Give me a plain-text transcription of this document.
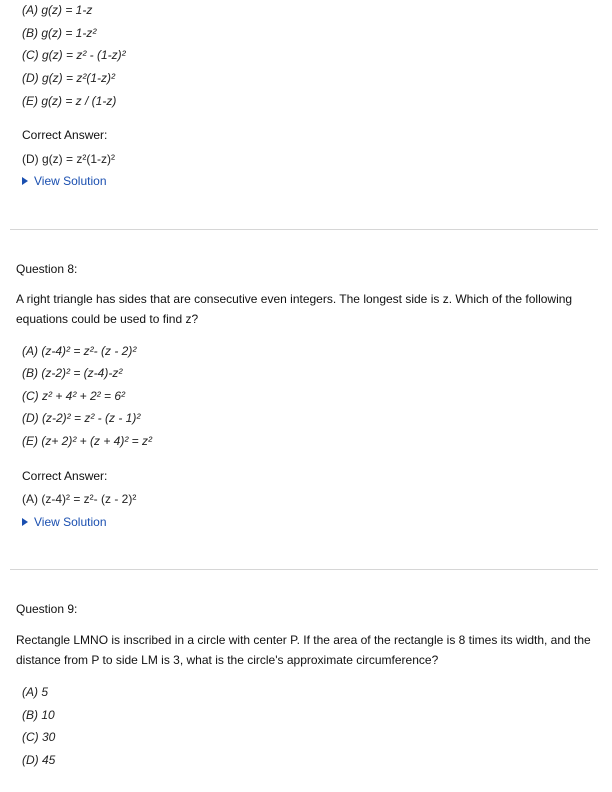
(A) g(z) = 1-z
(B) g(z) = 1-z²
(C) g(z) = z² - (1-z)²
(D) g(z) = z²(1-z)²
(E) g(z) = z / (1-z)
Correct Answer:
(D) g(z) = z²(1-z)²
View Solution
Question 8:
A right triangle has sides that are consecutive even integers. The longest side is z. Which of the following equations could be used to find z?
(A) (z-4)² = z²- (z - 2)²
(B) (z-2)² = (z-4)-z²
(C) z² + 4² + 2² = 6²
(D) (z-2)² = z² - (z - 1)²
(E) (z+ 2)² + (z + 4)² = z²
Correct Answer:
(A) (z-4)² = z²- (z - 2)²
View Solution
Question 9:
Rectangle LMNO is inscribed in a circle with center P. If the area of the rectangle is 8 times its width, and the distance from P to side LM is 3, what is the circle's approximate circumference?
(A) 5
(B) 10
(C) 30
(D) 45
